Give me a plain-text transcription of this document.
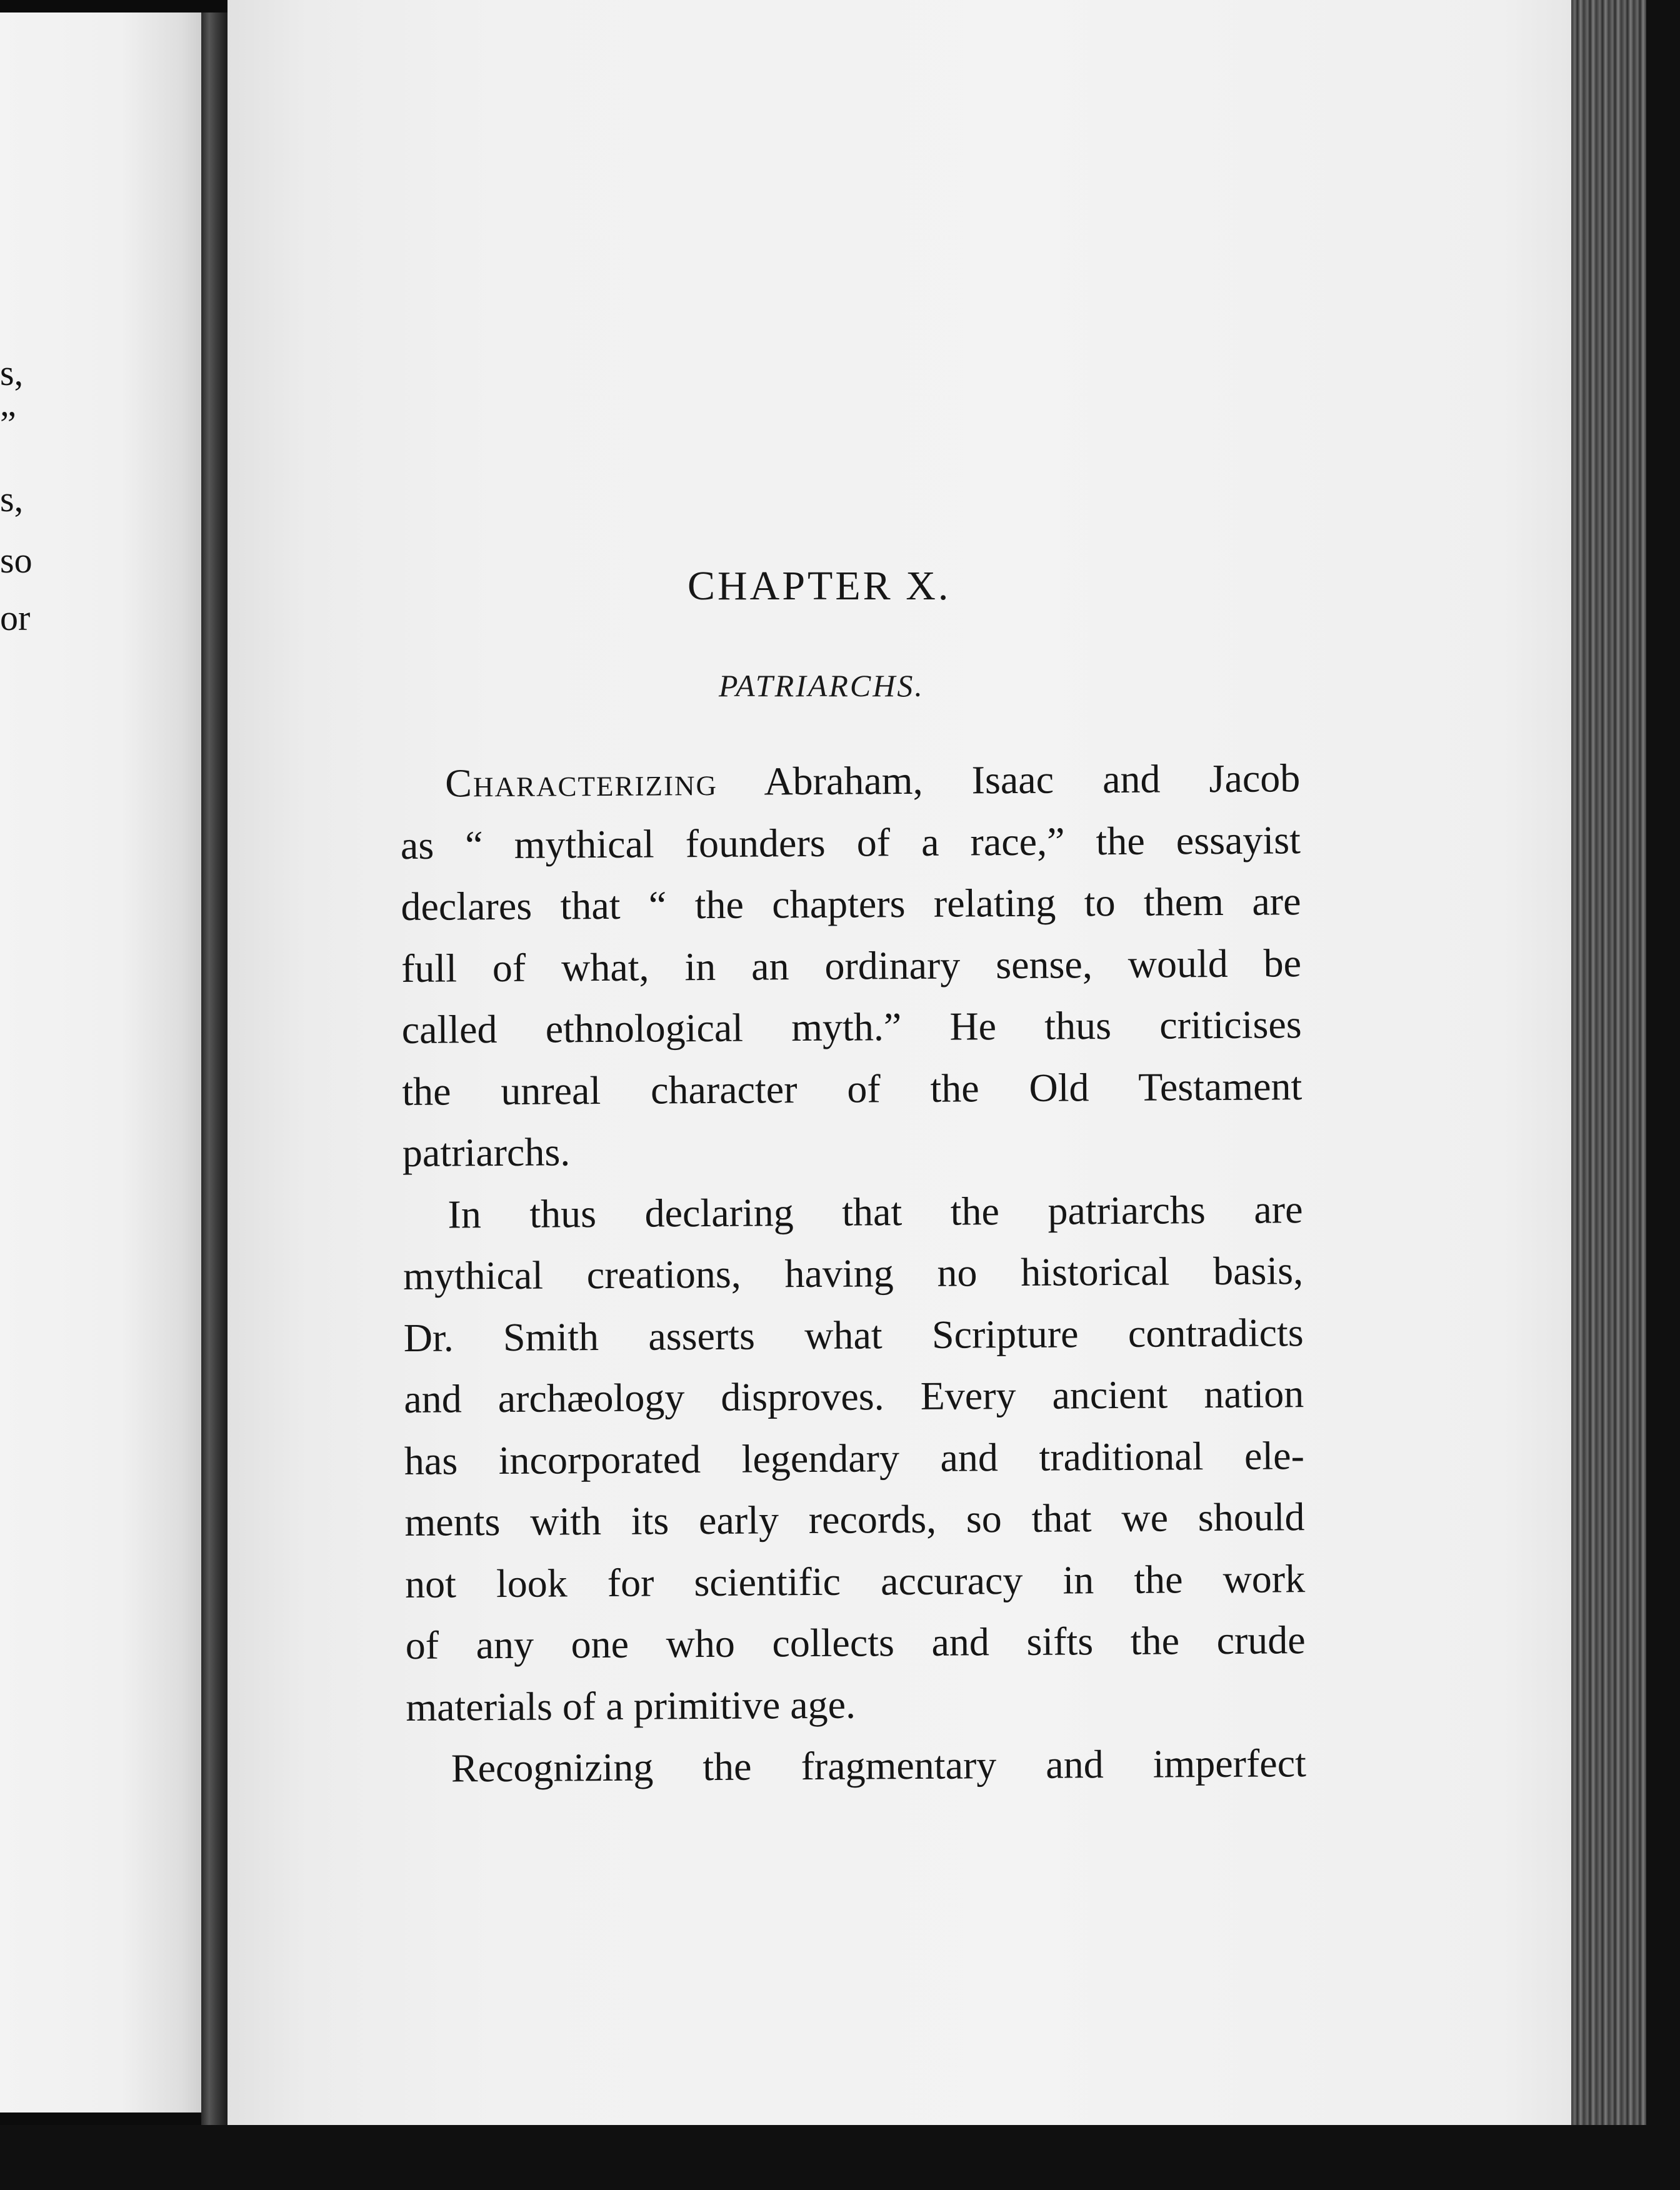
s,
”
s,
so
or
CHAPTER X.
PATRIARCHS.
Characterizing Abraham, Isaac and Jacob
as “ mythical founders of a race,” the essayist
declares that “ the chapters relating to them are
full of what, in an ordinary sense, would be
called ethnological myth.” He thus criticises
the unreal character of the Old Testament
patriarchs.
In thus declaring that the patriarchs are
mythical creations, having no historical basis,
Dr. Smith asserts what Scripture contradicts
and archæology disproves. Every ancient nation
has incorporated legendary and traditional ele-
ments with its early records, so that we should
not look for scientific accuracy in the work
of any one who collects and sifts the crude
materials of a primitive age.
Recognizing the fragmentary and imperfect
